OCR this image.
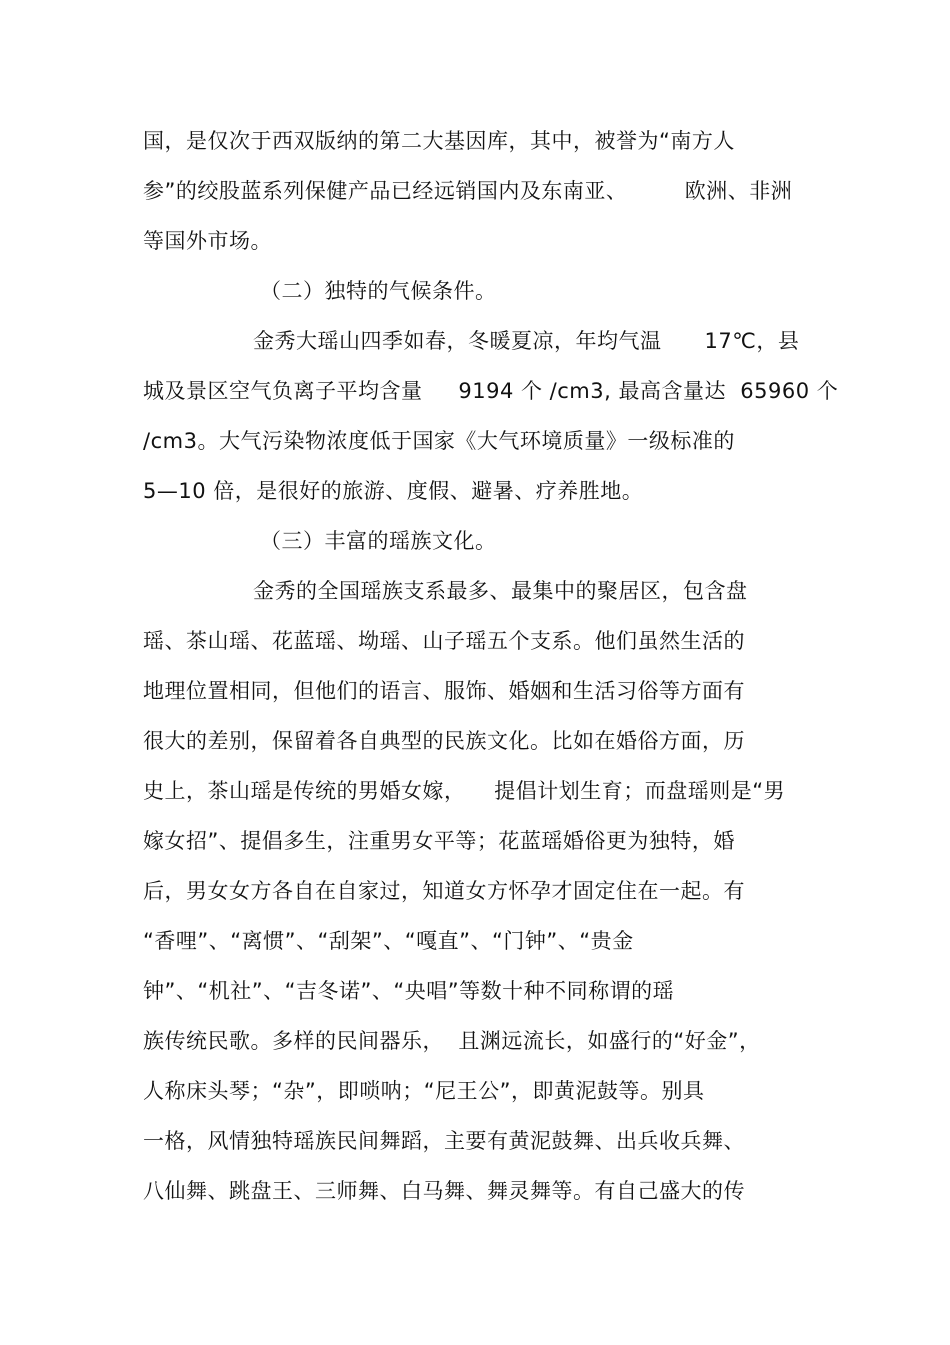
国，是仅次于西双版纳的第二大基因库，其中，被誉为“南方人
参”的绞股蓝系列保健产品已经远销国内及东南亚、        欧洲、非洲
等国外市场。
（二）独特的气候条件。
金秀大瑶山四季如春，冬暖夏凉，年均气温      17℃，县
城及景区空气负离子平均含量     9194 个 /cm3, 最高含量达  65960 个
/cm3。大气污染物浓度低于国家《大气环境质量》一级标准的
5—10 倍，是很好的旅游、度假、避暑、疗养胜地。
（三）丰富的瑶族文化。
金秀的全国瑶族支系最多、最集中的聚居区，包含盘
瑶、茶山瑶、花蓝瑶、坳瑶、山子瑶五个支系。他们虽然生活的
地理位置相同，但他们的语言、服饰、婚姻和生活习俗等方面有
很大的差别，保留着各自典型的民族文化。比如在婚俗方面，历
史上，茶山瑶是传统的男婚女嫁，    提倡计划生育；而盘瑶则是“男
嫁女招”、提倡多生，注重男女平等；花蓝瑶婚俗更为独特，婚
后，男女女方各自在自家过，知道女方怀孕才固定住在一起。有
“香哩”、“离惯”、“刮架”、“嘎直”、“门钟”、“贵金
钟”、“机社”、“吉冬诺”、“央唱”等数十种不同称谓的瑶
族传统民歌。多样的民间器乐，  且渊远流长，如盛行的“好金”，
人称床头琴；“杂”，即唢呐；“尼王公”，即黄泥鼓等。别具
一格，风情独特瑶族民间舞蹈，主要有黄泥鼓舞、出兵收兵舞、
八仙舞、跳盘王、三师舞、白马舞、舞灵舞等。有自己盛大的传
